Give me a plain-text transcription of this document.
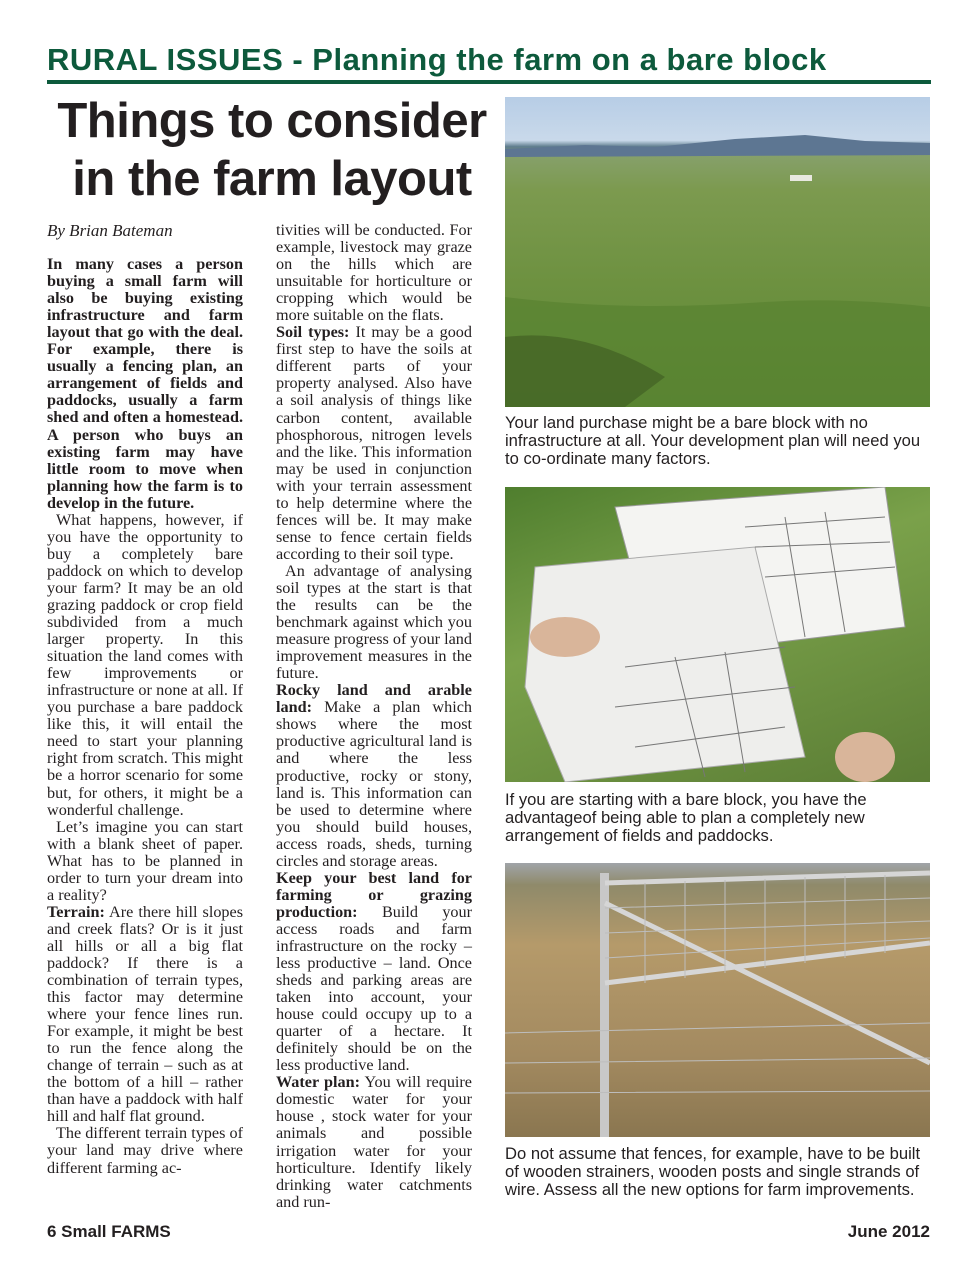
RURAL ISSUES - Planning the farm on a bare block
Things to consider in the farm layout
By Brian Bateman

In many cases a person buying a small farm will also be buying existing infrastructure and farm layout that go with the deal. For example, there is usually a fencing plan, an arrangement of fields and paddocks, usually a farm shed and often a homestead. A person who buys an existing farm may have little room to move when planning how the farm is to develop in the future.

What happens, however, if you have the opportunity to buy a completely bare paddock on which to develop your farm? It may be an old grazing paddock or crop field subdivided from a much larger property. In this situation the land comes with few improvements or infrastructure or none at all. If you purchase a bare paddock like this, it will entail the need to start your planning right from scratch. This might be a horror scenario for some but, for others, it might be a wonderful challenge.

Let’s imagine you can start with a blank sheet of paper. What has to be planned in order to turn your dream into a reality?

Terrain: Are there hill slopes and creek flats? Or is it just all hills or all a big flat paddock? If there is a combination of terrain types, this factor may determine where your fence lines run. For example, it might be best to run the fence along the change of terrain – such as at the bottom of a hill – rather than have a paddock with half hill and half flat ground.

The different terrain types of your land may drive where different farming ac-

tivities will be conducted. For example, livestock may graze on the hills which are unsuitable for horticulture or cropping which would be more suitable on the flats.

Soil types: It may be a good first step to have the soils at different parts of your property analysed. Also have a soil analysis of things like carbon content, available phosphorous, nitrogen levels and the like. This information may be used in conjunction with your terrain assessment to help determine where the fences will be. It may make sense to fence certain fields according to their soil type.

An advantage of analysing soil types at the start is that the results can be the benchmark against which you measure progress of your land improvement measures in the future.

Rocky land and arable land: Make a plan which shows where the most productive agricultural land is and where the less productive, rocky or stony, land is. This information can be used to determine where you should build houses, access roads, sheds, turning circles and storage areas.

Keep your best land for farming or grazing production: Build your access roads and farm infrastructure on the rocky – less productive – land. Once sheds and parking areas are taken into account, your house could occupy up to a quarter of a hectare. It definitely should be on the less productive land.

Water plan: You will require domestic water for your house , stock water for your animals and possible irrigation water for your horticulture. Identify likely drinking water catchments and run-

Your land purchase might be a bare block with no infrastructure at all. Your development plan will need you to co-ordinate many factors.
If you are starting with a bare block, you have the advantageof being able to plan a completely new arrangement of fields and paddocks.
Do not assume that fences, for example, have to be built of wooden strainers, wooden posts and single strands of wire. Assess all the new options for farm improvements.
6 Small FARMS	June 2012
